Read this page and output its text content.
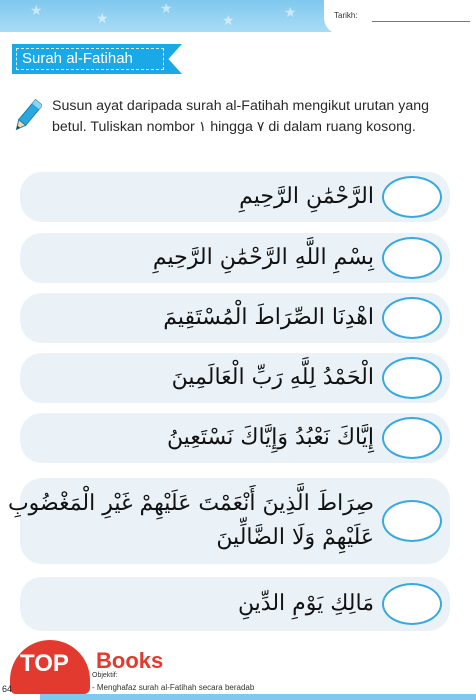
★	★
★
★	★	Tarikh:
Surah al-Fatihah
Susun ayat daripada surah al-Fatihah mengikut urutan yang betul. Tuliskan nombor ١ hingga ٧ di dalam ruang kosong.
الرَّحْمَٰنِ الرَّحِيمِ
بِسْمِ اللَّهِ الرَّحْمَٰنِ الرَّحِيمِ
اهْدِنَا الصِّرَاطَ الْمُسْتَقِيمَ
الْحَمْدُ لِلَّهِ رَبِّ الْعَالَمِينَ
إِيَّاكَ نَعْبُدُ وَإِيَّاكَ نَسْتَعِينُ
صِرَاطَ الَّذِينَ أَنْعَمْتَ عَلَيْهِمْ غَيْرِ الْمَغْضُوبِ
عَلَيْهِمْ وَلَا الضَّالِّينَ
مَالِكِ يَوْمِ الدِّينِ
TOP Books
64
Objektif:
- Menghafaz surah al-Fatihah secara beradab
